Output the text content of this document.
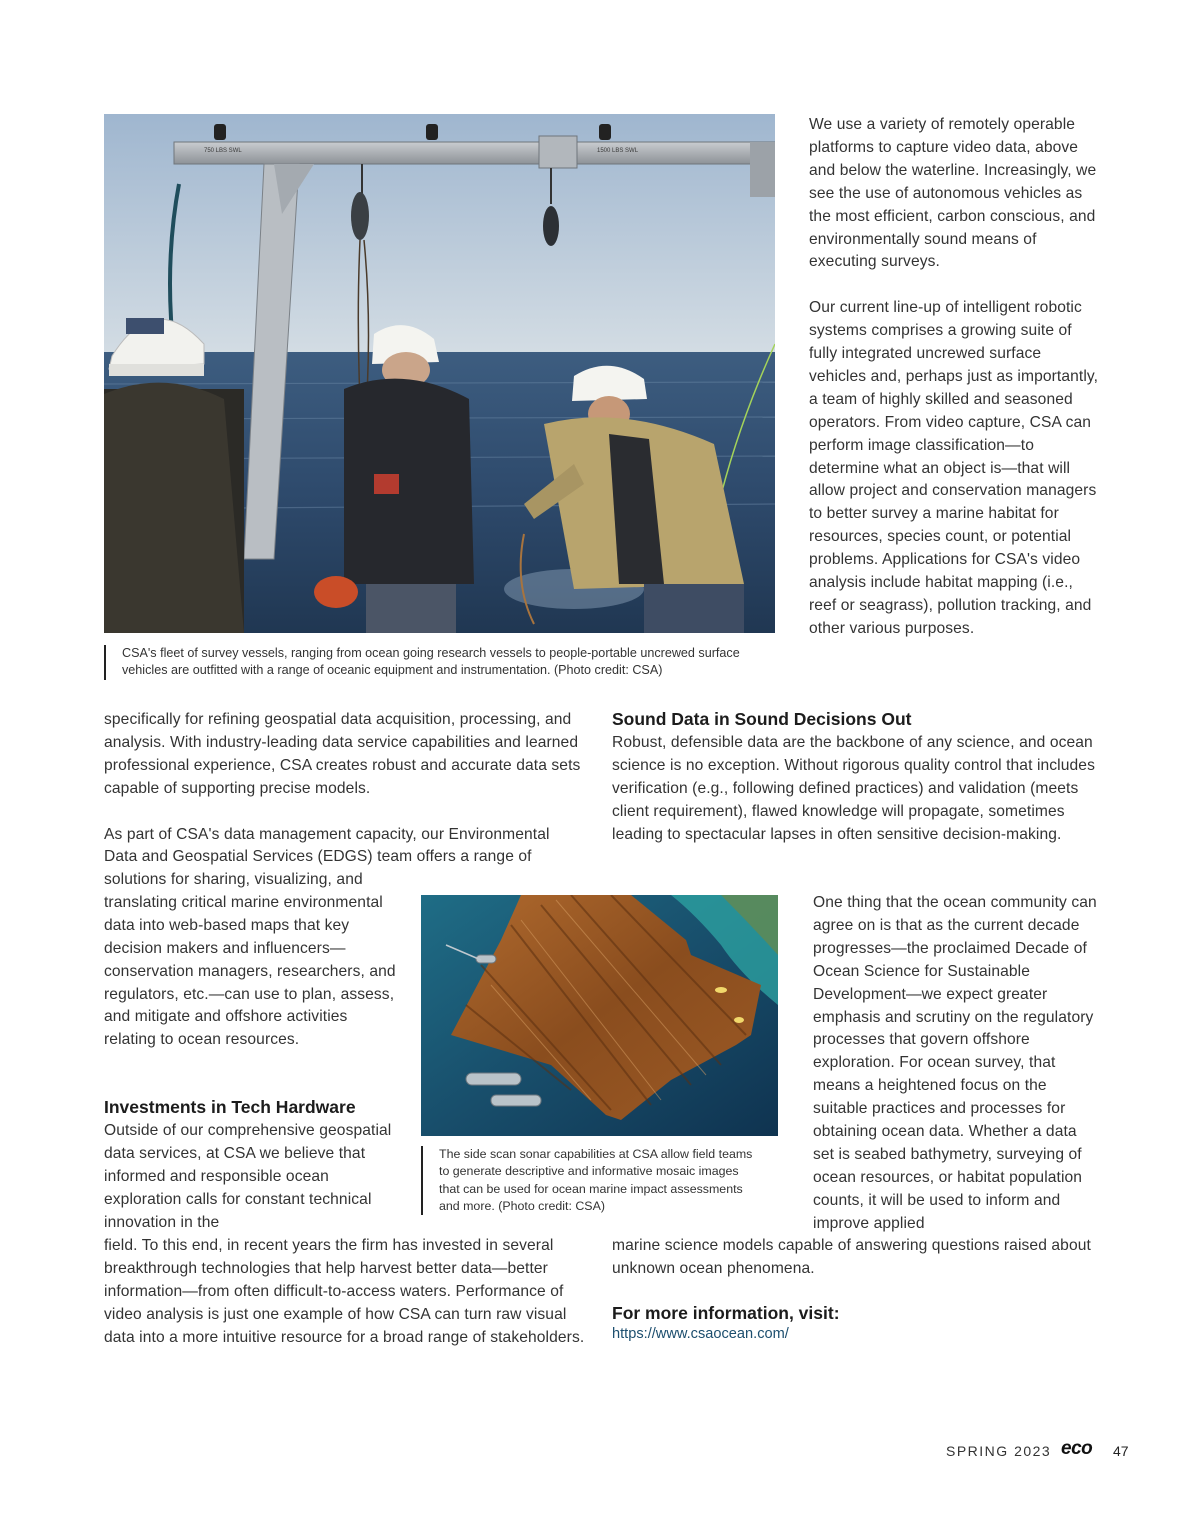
750 LBS SWL	1500 LBS SWL
CSA's fleet of survey vessels, ranging from ocean going research vessels to people-portable uncrewed surface vehicles are outfitted with a range of oceanic equipment and instrumentation. (Photo credit: CSA)

We use a variety of remotely operable platforms to capture video data, above and below the waterline. Increasingly, we see the use of autonomous vehicles as the most efficient, carbon conscious, and environmentally sound means of executing surveys.

Our current line-up of intelligent robotic systems comprises a growing suite of fully integrated uncrewed surface vehicles and, perhaps just as importantly, a team of highly skilled and seasoned operators. From video capture, CSA can perform image classification—to determine what an object is—that will allow project and conservation managers to better survey a marine habitat for resources, species count, or potential problems. Applications for CSA's video analysis include habitat mapping (i.e., reef or seagrass), pollution tracking, and other various purposes.

specifically for refining geospatial data acquisition, processing, and analysis. With industry-leading data service capabilities and learned professional experience, CSA creates robust and accurate data sets capable of supporting precise models.

As part of CSA's data management capacity, our Environmental Data and Geospatial Services (EDGS) team offers a range of

solutions for sharing, visualizing, and translating critical marine environmental data into web-based maps that key decision makers and influencers—conservation managers, researchers, and regulators, etc.—can use to plan, assess, and mitigate and offshore activities relating to ocean resources.

Investments in Tech Hardware
Outside of our comprehensive geospatial data services, at CSA we believe that informed and responsible ocean exploration calls for constant technical innovation in the
field. To this end, in recent years the firm has invested in several breakthrough technologies that help harvest better data—better information—from often difficult-to-access waters. Performance of video analysis is just one example of how CSA can turn raw visual data into a more intuitive resource for a broad range of stakeholders.
Sound Data in Sound Decisions Out
Robust, defensible data are the backbone of any science, and ocean science is no exception. Without rigorous quality control that includes verification (e.g., following defined practices) and validation (meets client requirement), flawed knowledge will propagate, sometimes leading to spectacular lapses in often sensitive decision-making.
One thing that the ocean community can agree on is that as the current decade progresses—the proclaimed Decade of Ocean Science for Sustainable Development—we expect greater emphasis and scrutiny on the regulatory processes that govern offshore exploration. For ocean survey, that means a heightened focus on the suitable practices and processes for obtaining ocean data. Whether a data set is seabed bathymetry, surveying of ocean resources, or habitat population counts, it will be used to inform and improve applied
marine science models capable of answering questions raised about unknown ocean phenomena.
For more information, visit:
https://www.csaocean.com/
The side scan sonar capabilities at CSA allow field teams to generate descriptive and informative mosaic images that can be used for ocean marine impact assessments and more. (Photo credit: CSA)
SPRING 2023 eco 47
